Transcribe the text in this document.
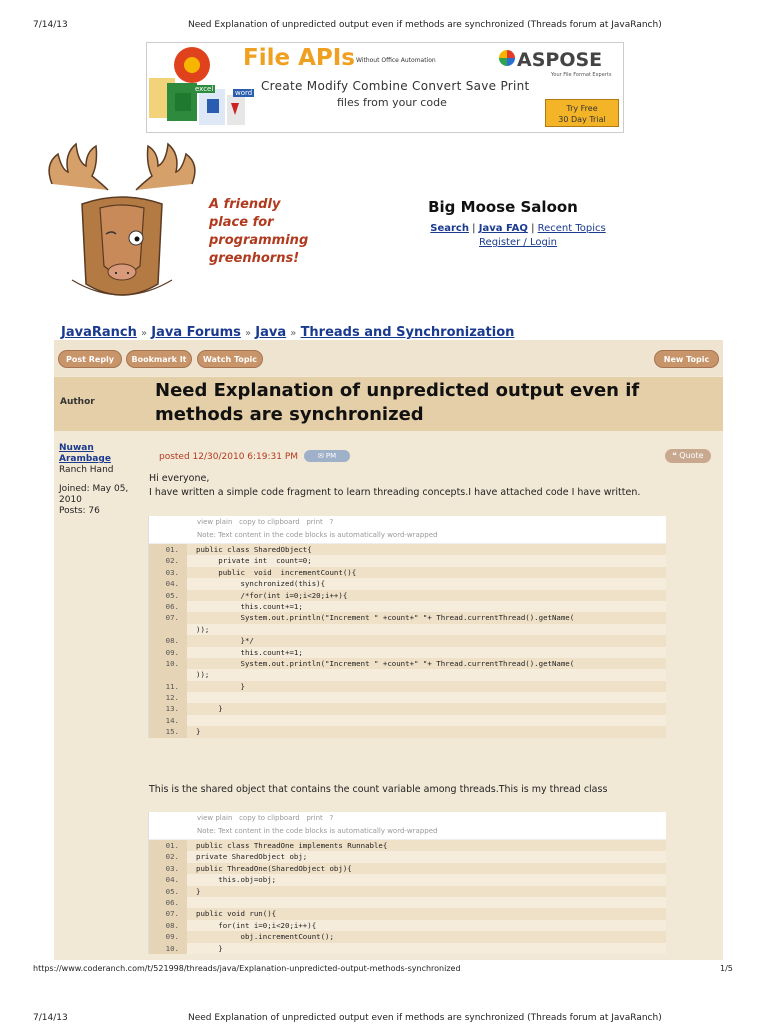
7/14/13	Need Explanation of unpredicted output even if methods are synchronized (Threads forum at JavaRanch)
excel	word
File APIs Without Office Automation
Create Modify Combine Convert Save Print
files from your code
ASPOSE
Your File Format Experts
Try Free
30 Day Trial
A friendly place for programming greenhorns!
Big Moose Saloon
Search | Java FAQ | Recent Topics
Register / Login
JavaRanch » Java Forums » Java » Threads and Synchronization
Post Reply	Bookmark It	Watch Topic	New Topic
Author
Need Explanation of unpredicted output even if methods are synchronized
Nuwan Arambage
Ranch Hand
Joined: May 05, 2010
Posts: 76
posted 12/30/2010 6:19:31 PM	✉ PM	❝ Quote
Hi everyone,
I have written a simple code fragment to learn threading concepts.I have attached code I have written.
view plain   copy to clipboard   print   ?
Note: Text content in the code blocks is automatically word-wrapped
01.	public class SharedObject{
02.	private int  count=0;
03.	public  void  incrementCount(){
04.	synchronized(this){
05.	/*for(int i=0;i<20;i++){
06.	this.count+=1;
07.	System.out.println("Increment " +count+" "+ Thread.currentThread().getName(
));
08.	}*/
09.	this.count+=1;
10.	System.out.println("Increment " +count+" "+ Thread.currentThread().getName(
));
11.	}
12.
13.	}
14.
15.	}
This is the shared object that contains the count variable among threads.This is my thread class
view plain   copy to clipboard   print   ?
Note: Text content in the code blocks is automatically word-wrapped
01.	public class ThreadOne implements Runnable{
02.	private SharedObject obj;
03.	public ThreadOne(SharedObject obj){
04.	this.obj=obj;
05.	}
06.
07.	public void run(){
08.	for(int i=0;i<20;i++){
09.	obj.incrementCount();
10.	}
https://www.coderanch.com/t/521998/threads/java/Explanation-unpredicted-output-methods-synchronized	1/5
7/14/13	Need Explanation of unpredicted output even if methods are synchronized (Threads forum at JavaRanch)
